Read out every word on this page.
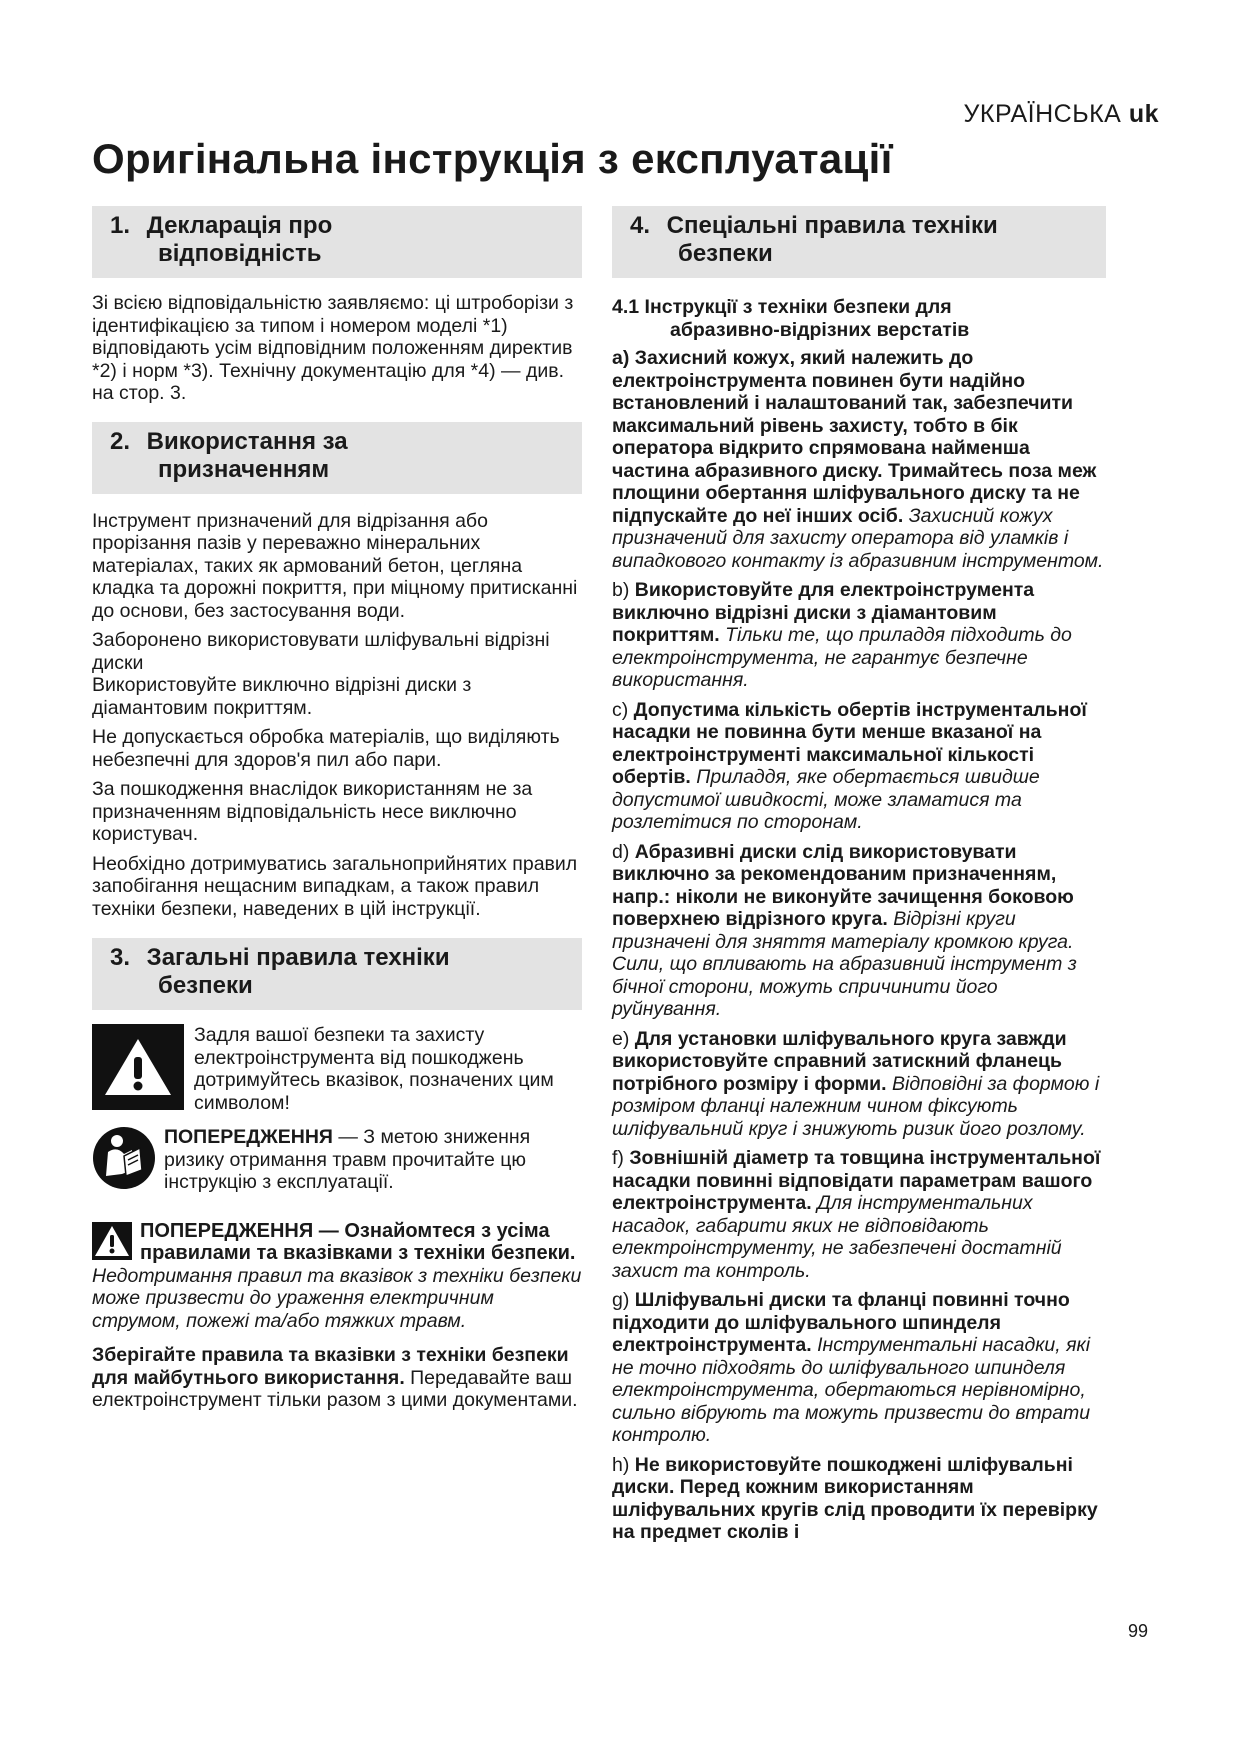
УКРАЇНСЬКА uk
Оригінальна інструкція з експлуатації
1. Декларація про
відповідність

Зі всією відповідальністю заявляємо: ці штроборізи з ідентифікацією за типом і номером моделі *1) відповідають усім відповідним положенням директив *2) і норм *3). Технічну документацію для *4) — див. на стор. 3.

2. Використання за
призначенням

Інструмент призначений для відрізання або прорізання пазів у переважно мінеральних матеріалах, таких як армований бетон, цегляна кладка та дорожні покриття, при міцному притисканні до основи, без застосування води.

Заборонено використовувати шліфувальні відрізні диски

Використовуйте виключно відрізні диски з діамантовим покриттям.

Не допускається обробка матеріалів, що виділяють небезпечні для здоров'я пил або пари.

За пошкодження внаслідок використанням не за призначенням відповідальність несе виключно користувач.

Необхідно дотримуватись загальноприйнятих правил запобігання нещасним випадкам, а також правил техніки безпеки, наведених в цій інструкції.

3. Загальні правила техніки
безпеки

Задля вашої безпеки та захисту електроінструмента від пошкоджень дотримуйтесь вказівок, позначених цим символом!

ПОПЕРЕДЖЕННЯ — З метою зниження ризику отримання травм прочитайте цю інструкцію з експлуатації.

ПОПЕРЕДЖЕННЯ — Ознайомтеся з усіма правилами та вказівками з техніки безпеки. Недотримання правил та вказівок з техніки безпеки може призвести до ураження електричним струмом, пожежі та/або тяжких травм.

Зберігайте правила та вказівки з техніки безпеки для майбутнього використання. Передавайте ваш електроінструмент тільки разом з цими документами.

4. Спеціальні правила техніки
безпеки
4.1 Інструкції з техніки безпеки для
абразивно-відрізних верстатів

а) Захисний кожух, який належить до електроінструмента повинен бути надійно встановлений і налаштований так, забезпечити максимальний рівень захисту, тобто в бік оператора відкрито спрямована найменша частина абразивного диску. Тримайтесь поза меж площини обертання шліфувального диску та не підпускайте до неї інших осіб. Захисний кожух призначений для захисту оператора від уламків і випадкового контакту із абразивним інструментом.

b) Використовуйте для електроінструмента виключно відрізні диски з діамантовим покриттям. Тільки те, що приладдя підходить до електроінструмента, не гарантує безпечне використання.

c) Допустима кількість обертів інструментальної насадки не повинна бути менше вказаної на електроінструменті максимальної кількості обертів. Приладдя, яке обертається швидше допустимої швидкості, може зламатися та розлетітися по сторонам.

d) Абразивні диски слід використовувати виключно за рекомендованим призначенням, напр.: ніколи не виконуйте зачищення боковою поверхнею відрізного круга. Відрізні круги призначені для зняття матеріалу кромкою круга. Сили, що впливають на абразивний інструмент з бічної сторони, можуть спричинити його руйнування.

e) Для установки шліфувального круга завжди використовуйте справний затискний фланець потрібного розміру і форми. Відповідні за формою і розміром фланці належним чином фіксують шліфувальний круг і знижують ризик його розлому.

f) Зовнішній діаметр та товщина інструментальної насадки повинні відповідати параметрам вашого електроінструмента. Для інструментальних насадок, габарити яких не відповідають електроінструменту, не забезпечені достатній захист та контроль.

g) Шліфувальні диски та фланці повинні точно підходити до шліфувального шпинделя електроінструмента. Інструментальні насадки, які не точно підходять до шліфувального шпинделя електроінструмента, обертаються нерівномірно, сильно вібрують та можуть призвести до втрати контролю.

h) Не використовуйте пошкоджені шліфувальні диски. Перед кожним використанням шліфувальних кругів слід проводити їх перевірку на предмет сколів і

99
